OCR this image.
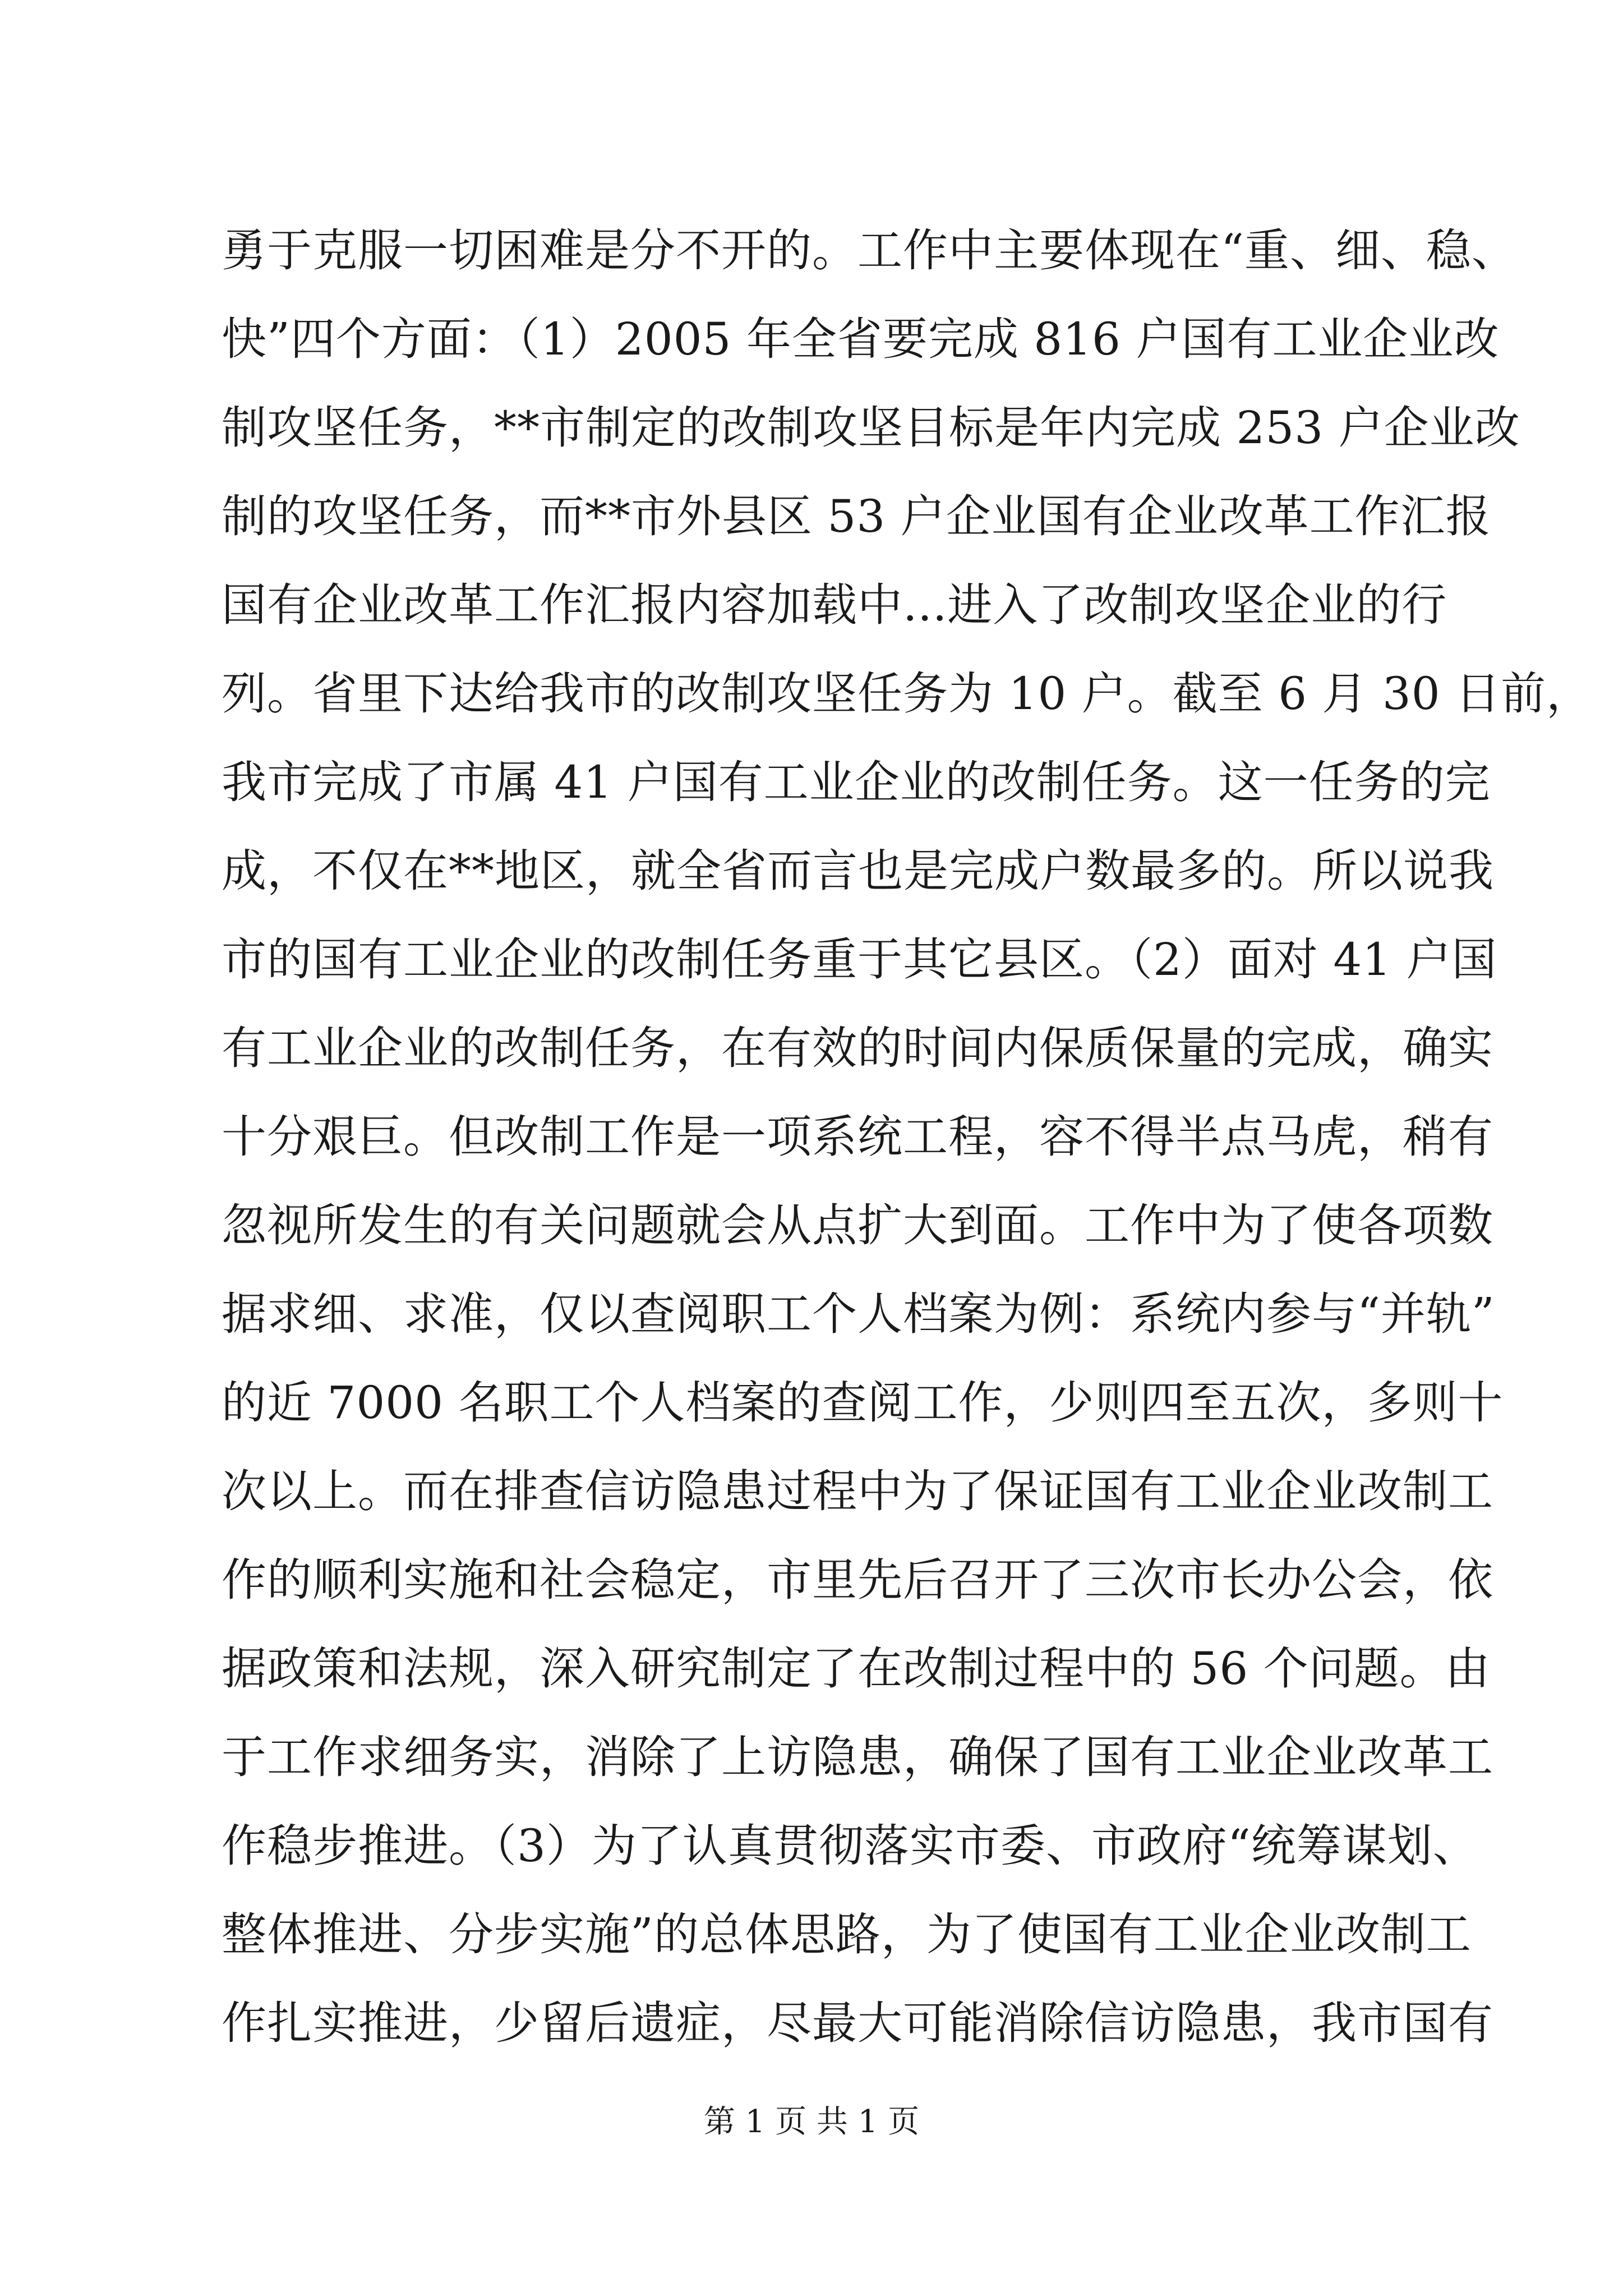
勇于克服一切困难是分不开的。工作中主要体现在“重、细、稳、
快”四个方面：（1）2005 年全省要完成 816 户国有工业企业改
制攻坚任务，**市制定的改制攻坚目标是年内完成 253 户企业改
制的攻坚任务，而**市外县区 53 户企业国有企业改革工作汇报
国有企业改革工作汇报内容加载中...进入了改制攻坚企业的行
列。省里下达给我市的改制攻坚任务为 10 户。截至 6 月 30 日前，
我市完成了市属 41 户国有工业企业的改制任务。这一任务的完
成，不仅在**地区，就全省而言也是完成户数最多的。所以说我
市的国有工业企业的改制任务重于其它县区。（2）面对 41 户国
有工业企业的改制任务，在有效的时间内保质保量的完成，确实
十分艰巨。但改制工作是一项系统工程，容不得半点马虎，稍有
忽视所发生的有关问题就会从点扩大到面。工作中为了使各项数
据求细、求准，仅以查阅职工个人档案为例：系统内参与“并轨”
的近 7000 名职工个人档案的查阅工作，少则四至五次，多则十
次以上。而在排查信访隐患过程中为了保证国有工业企业改制工
作的顺利实施和社会稳定，市里先后召开了三次市长办公会，依
据政策和法规，深入研究制定了在改制过程中的 56 个问题。由
于工作求细务实，消除了上访隐患，确保了国有工业企业改革工
作稳步推进。（3）为了认真贯彻落实市委、市政府“统筹谋划、
整体推进、分步实施”的总体思路，为了使国有工业企业改制工
作扎实推进，少留后遗症，尽最大可能消除信访隐患，我市国有
第 1 页 共 1 页
